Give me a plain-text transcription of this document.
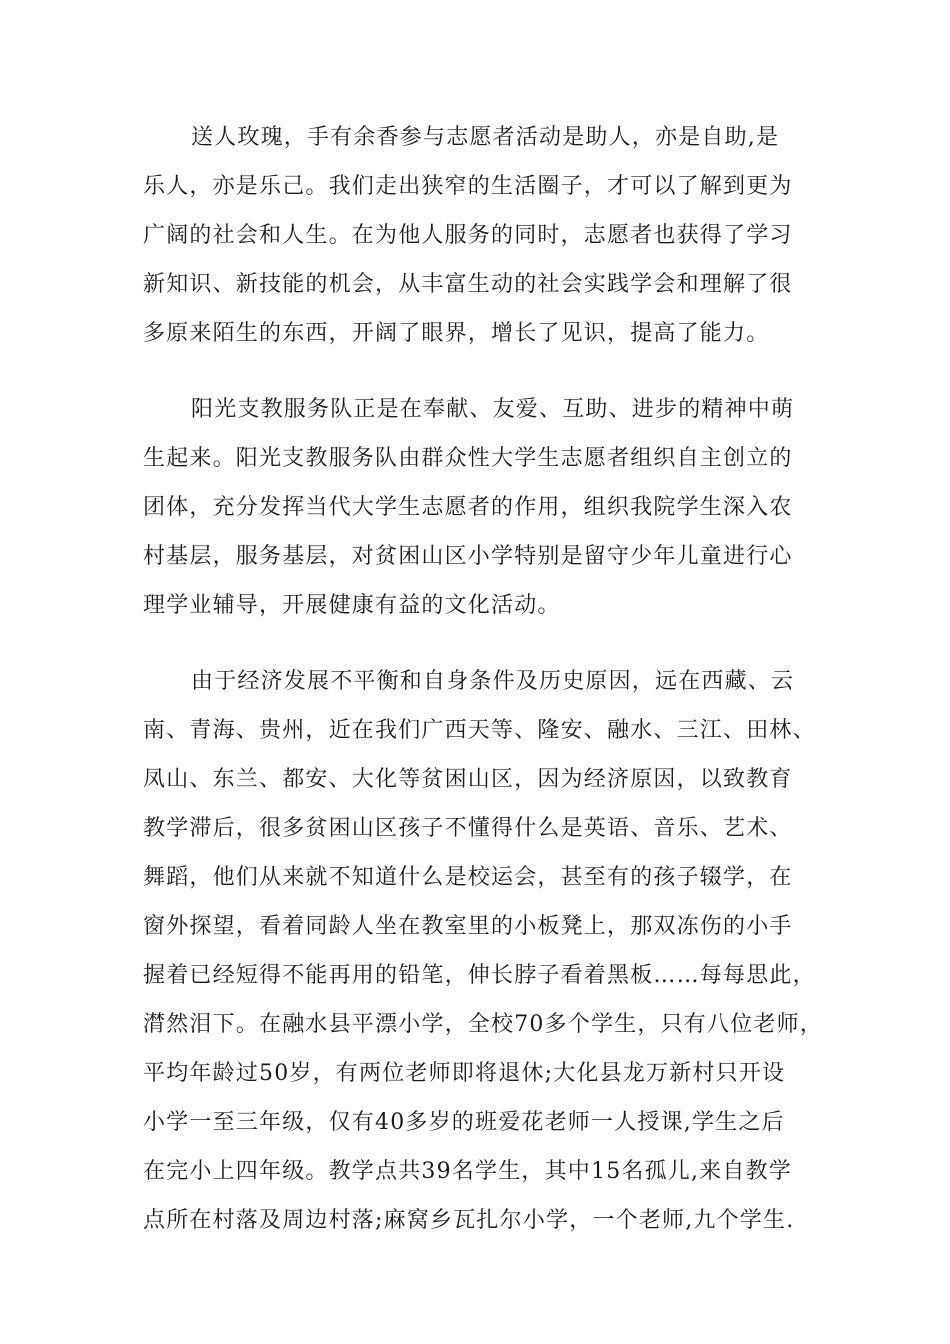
送人玫瑰，手有余香参与志愿者活动是助人，亦是自助,是
乐人，亦是乐己。我们走出狭窄的生活圈子，才可以了解到更为
广阔的社会和人生。在为他人服务的同时，志愿者也获得了学习
新知识、新技能的机会，从丰富生动的社会实践学会和理解了很
多原来陌生的东西，开阔了眼界，增长了见识，提高了能力。
阳光支教服务队正是在奉献、友爱、互助、进步的精神中萌
生起来。阳光支教服务队由群众性大学生志愿者组织自主创立的
团体，充分发挥当代大学生志愿者的作用，组织我院学生深入农
村基层，服务基层，对贫困山区小学特别是留守少年儿童进行心
理学业辅导，开展健康有益的文化活动。
由于经济发展不平衡和自身条件及历史原因，远在西藏、云
南、青海、贵州，近在我们广西天等、隆安、融水、三江、田林、
凤山、东兰、都安、大化等贫困山区，因为经济原因，以致教育
教学滞后，很多贫困山区孩子不懂得什么是英语、音乐、艺术、
舞蹈，他们从来就不知道什么是校运会，甚至有的孩子辍学，在
窗外探望，看着同龄人坐在教室里的小板凳上，那双冻伤的小手
握着已经短得不能再用的铅笔，伸长脖子看着黑板……每每思此，
潸然泪下。在融水县平漂小学，全校70多个学生，只有八位老师，
平均年龄过50岁，有两位老师即将退休;大化县龙万新村只开设
小学一至三年级，仅有40多岁的班爱花老师一人授课,学生之后
在完小上四年级。教学点共39名学生，其中15名孤儿,来自教学
点所在村落及周边村落;麻窝乡瓦扎尔小学，一个老师,九个学生.
